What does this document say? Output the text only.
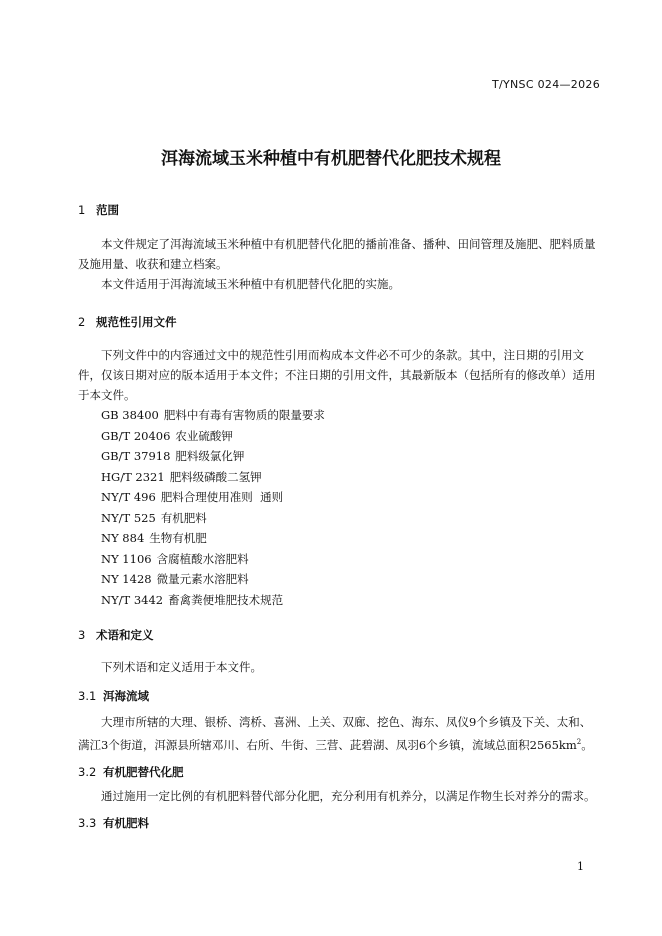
T/YNSC 024—2026
洱海流域玉米种植中有机肥替代化肥技术规程
1 范围
本文件规定了洱海流域玉米种植中有机肥替代化肥的播前准备、播种、田间管理及施肥、肥料质量及施用量、收获和建立档案。
本文件适用于洱海流域玉米种植中有机肥替代化肥的实施。
2 规范性引用文件
下列文件中的内容通过文中的规范性引用而构成本文件必不可少的条款。其中，注日期的引用文件，仅该日期对应的版本适用于本文件；不注日期的引用文件，其最新版本（包括所有的修改单）适用于本文件。
GB 38400 肥料中有毒有害物质的限量要求
GB/T 20406 农业硫酸钾
GB/T 37918 肥料级氯化钾
HG/T 2321 肥料级磷酸二氢钾
NY/T 496 肥料合理使用准则  通则
NY/T 525 有机肥料
NY 884 生物有机肥
NY 1106 含腐植酸水溶肥料
NY 1428 微量元素水溶肥料
NY/T 3442 畜禽粪便堆肥技术规范
3 术语和定义
下列术语和定义适用于本文件。
3.1 洱海流域
大理市所辖的大理、银桥、湾桥、喜洲、上关、双廊、挖色、海东、凤仪9个乡镇及下关、太和、满江3个街道，洱源县所辖邓川、右所、牛街、三营、茈碧湖、凤羽6个乡镇，流域总面积$2565km^2$。
3.2 有机肥替代化肥
通过施用一定比例的有机肥料替代部分化肥，充分利用有机养分，以满足作物生长对养分的需求。
3.3 有机肥料
1
